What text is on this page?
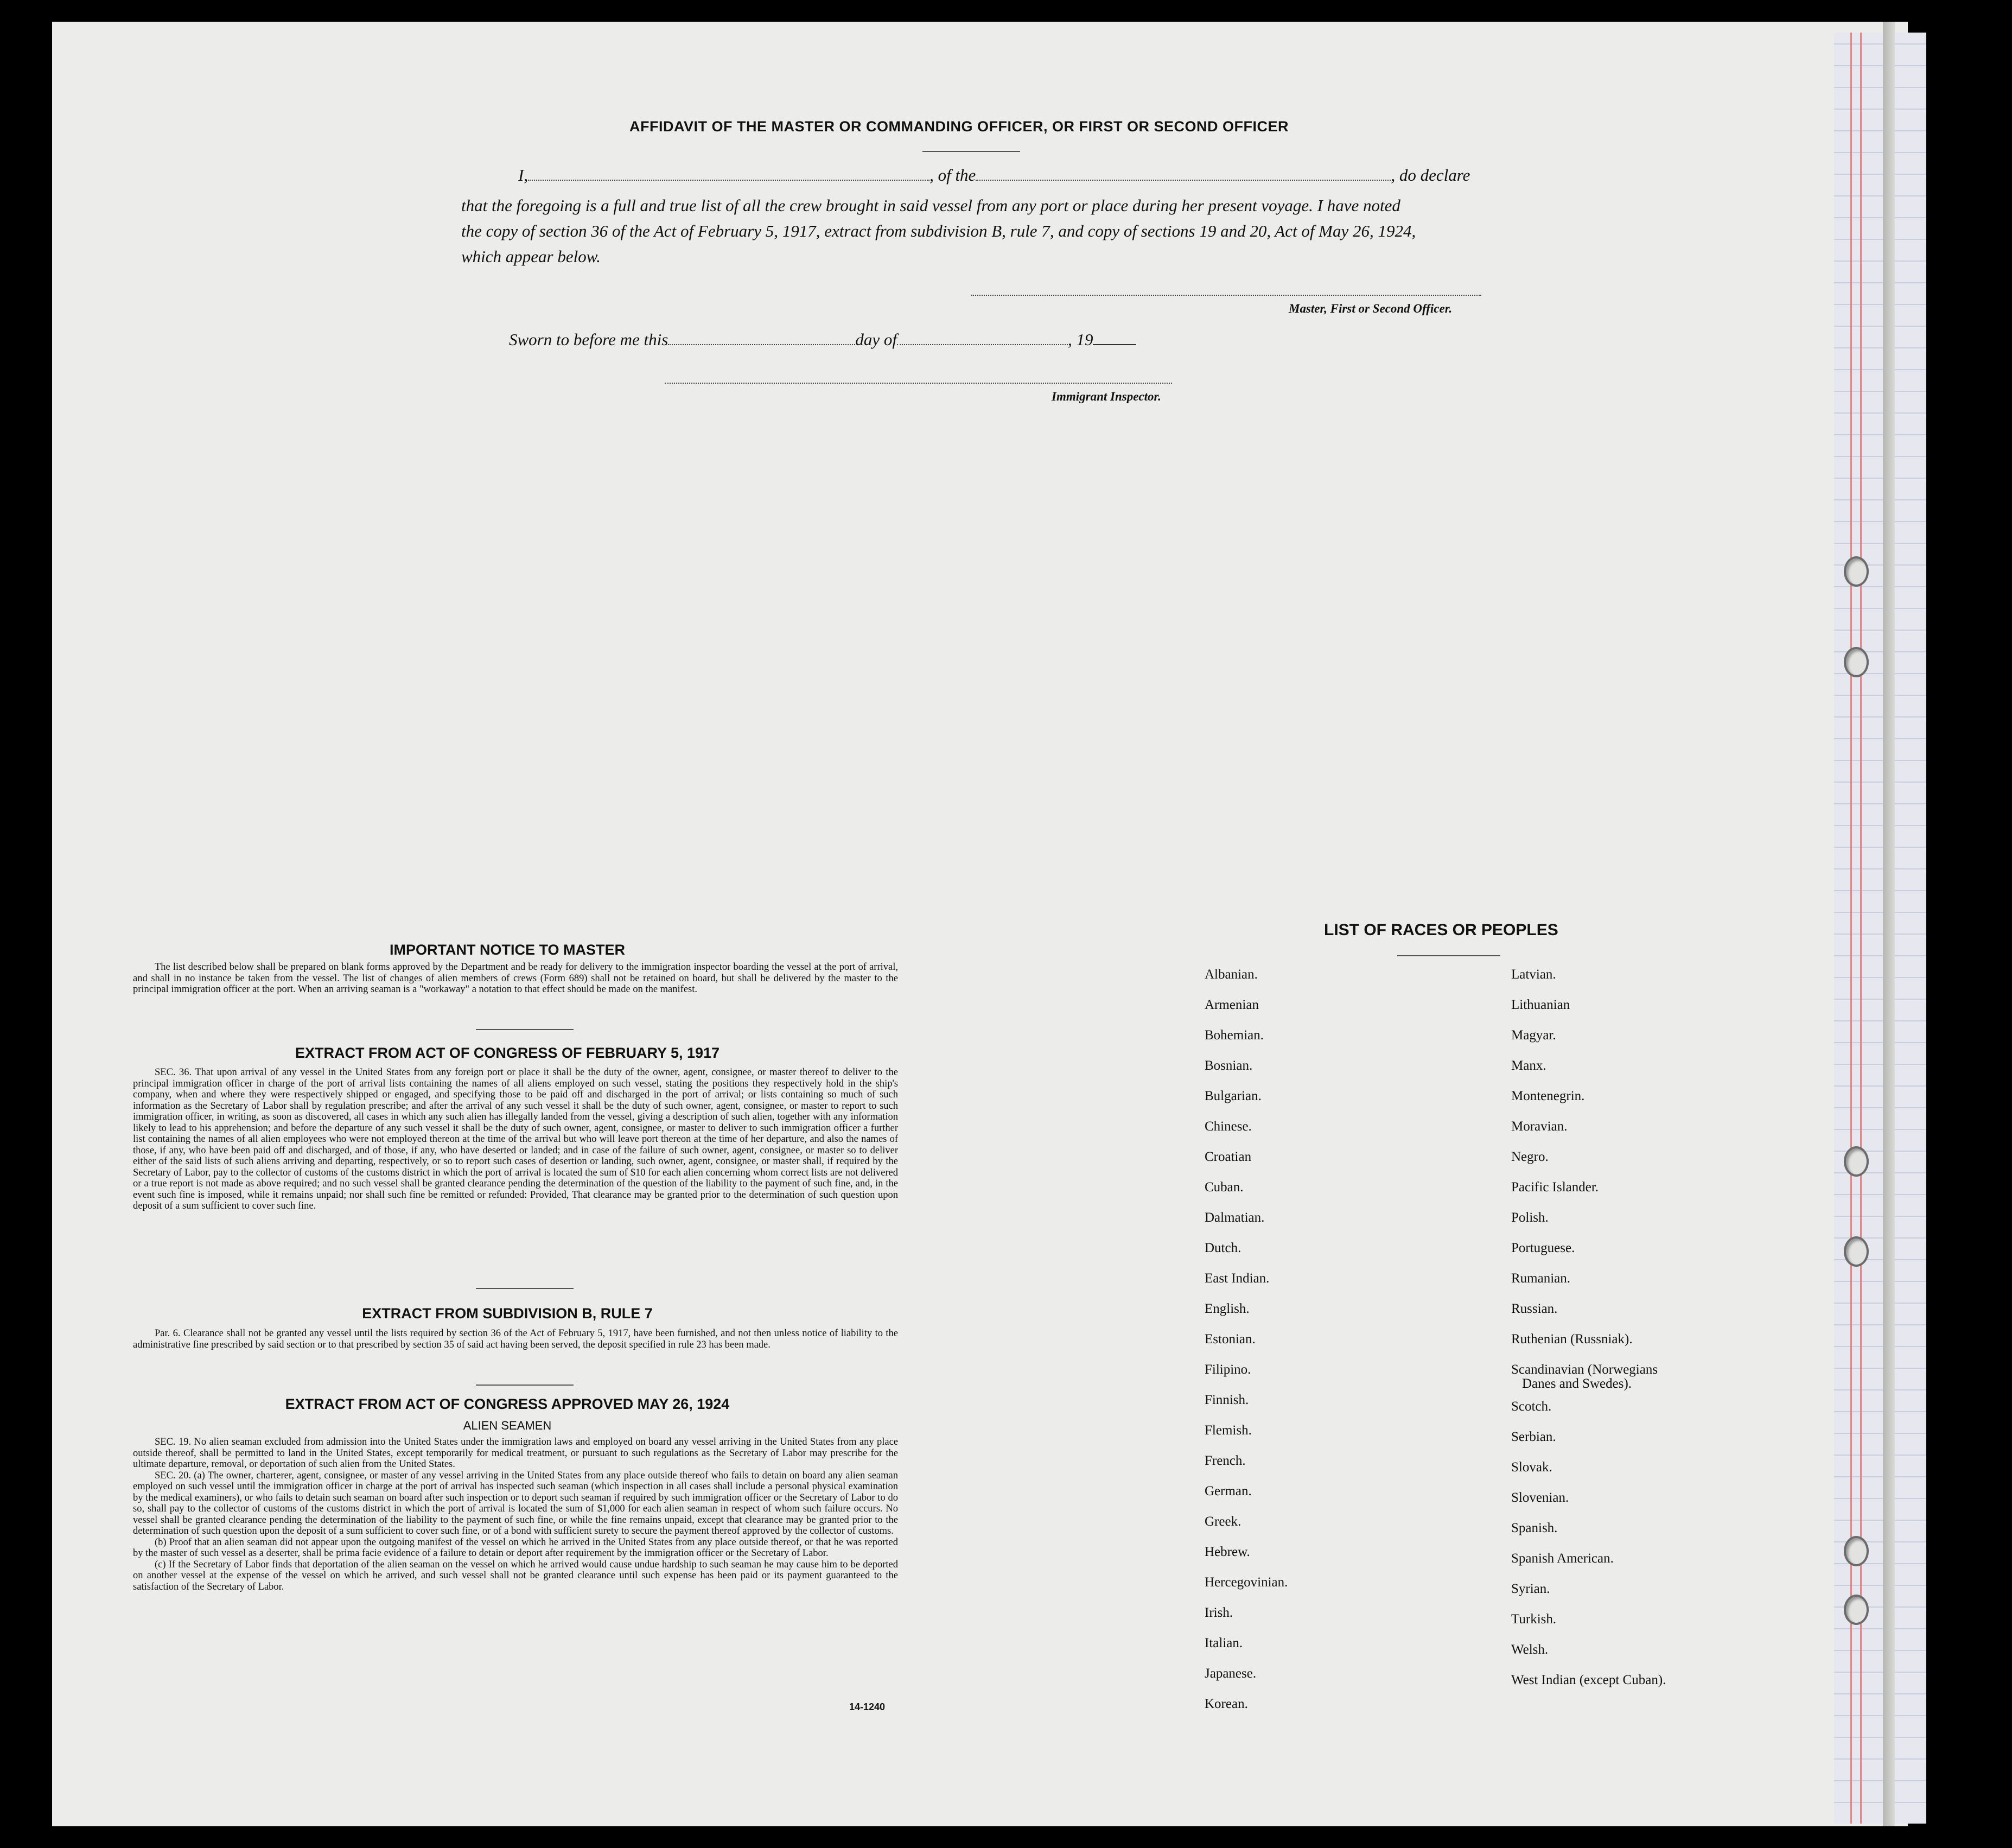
AFFIDAVIT OF THE MASTER OR COMMANDING OFFICER, OR FIRST OR SECOND OFFICER
I,	, of the	, do declare
that the foregoing is a full and true list of all the crew brought in said vessel from any port or place during her present voyage. I have noted
the copy of section 36 of the Act of February 5, 1917, extract from subdivision B, rule 7, and copy of sections 19 and 20, Act of May 26, 1924,
which appear below.
Master, First or Second Officer.
Sworn to before me this	day of	, 19
Immigrant Inspector.
IMPORTANT NOTICE TO MASTER

The list described below shall be prepared on blank forms approved by the Department and be ready for delivery to the immigration inspector boarding the vessel at the port of arrival, and shall in no instance be taken from the vessel. The list of changes of alien members of crews (Form 689) shall not be retained on board, but shall be delivered by the master to the principal immigration officer at the port. When an arriving seaman is a "workaway" a notation to that effect should be made on the manifest.

EXTRACT FROM ACT OF CONGRESS OF FEBRUARY 5, 1917

SEC. 36. That upon arrival of any vessel in the United States from any foreign port or place it shall be the duty of the owner, agent, consignee, or master thereof to deliver to the principal immigration officer in charge of the port of arrival lists containing the names of all aliens employed on such vessel, stating the positions they respectively hold in the ship's company, when and where they were respectively shipped or engaged, and specifying those to be paid off and discharged in the port of arrival; or lists containing so much of such information as the Secretary of Labor shall by regulation prescribe; and after the arrival of any such vessel it shall be the duty of such owner, agent, consignee, or master to report to such immigration officer, in writing, as soon as discovered, all cases in which any such alien has illegally landed from the vessel, giving a description of such alien, together with any information likely to lead to his apprehension; and before the departure of any such vessel it shall be the duty of such owner, agent, consignee, or master to deliver to such immigration officer a further list containing the names of all alien employees who were not employed thereon at the time of the arrival but who will leave port thereon at the time of her departure, and also the names of those, if any, who have been paid off and discharged, and of those, if any, who have deserted or landed; and in case of the failure of such owner, agent, consignee, or master so to deliver either of the said lists of such aliens arriving and departing, respectively, or so to report such cases of desertion or landing, such owner, agent, consignee, or master shall, if required by the Secretary of Labor, pay to the collector of customs of the customs district in which the port of arrival is located the sum of $10 for each alien concerning whom correct lists are not delivered or a true report is not made as above required; and no such vessel shall be granted clearance pending the determination of the question of the liability to the payment of such fine, and, in the event such fine is imposed, while it remains unpaid; nor shall such fine be remitted or refunded: Provided, That clearance may be granted prior to the determination of such question upon deposit of a sum sufficient to cover such fine.

EXTRACT FROM SUBDIVISION B, RULE 7

Par. 6. Clearance shall not be granted any vessel until the lists required by section 36 of the Act of February 5, 1917, have been furnished, and not then unless notice of liability to the administrative fine prescribed by said section or to that prescribed by section 35 of said act having been served, the deposit specified in rule 23 has been made.

EXTRACT FROM ACT OF CONGRESS APPROVED MAY 26, 1924
ALIEN SEAMEN

SEC. 19. No alien seaman excluded from admission into the United States under the immigration laws and employed on board any vessel arriving in the United States from any place outside thereof, shall be permitted to land in the United States, except temporarily for medical treatment, or pursuant to such regulations as the Secretary of Labor may prescribe for the ultimate departure, removal, or deportation of such alien from the United States.

SEC. 20. (a) The owner, charterer, agent, consignee, or master of any vessel arriving in the United States from any place outside thereof who fails to detain on board any alien seaman employed on such vessel until the immigration officer in charge at the port of arrival has inspected such seaman (which inspection in all cases shall include a personal physical examination by the medical examiners), or who fails to detain such seaman on board after such inspection or to deport such seaman if required by such immigration officer or the Secretary of Labor to do so, shall pay to the collector of customs of the customs district in which the port of arrival is located the sum of $1,000 for each alien seaman in respect of whom such failure occurs. No vessel shall be granted clearance pending the determination of the liability to the payment of such fine, or while the fine remains unpaid, except that clearance may be granted prior to the determination of such question upon the deposit of a sum sufficient to cover such fine, or of a bond with sufficient surety to secure the payment thereof approved by the collector of customs.

(b) Proof that an alien seaman did not appear upon the outgoing manifest of the vessel on which he arrived in the United States from any place outside thereof, or that he was reported by the master of such vessel as a deserter, shall be prima facie evidence of a failure to detain or deport after requirement by the immigration officer or the Secretary of Labor.

(c) If the Secretary of Labor finds that deportation of the alien seaman on the vessel on which he arrived would cause undue hardship to such seaman he may cause him to be deported on another vessel at the expense of the vessel on which he arrived, and such vessel shall not be granted clearance until such expense has been paid or its payment guaranteed to the satisfaction of the Secretary of Labor.

14-1240
LIST OF RACES OR PEOPLES
Albanian.
Armenian
Bohemian.
Bosnian.
Bulgarian.
Chinese.
Croatian
Cuban.
Dalmatian.
Dutch.
East Indian.
English.
Estonian.
Filipino.
Finnish.
Flemish.
French.
German.
Greek.
Hebrew.
Hercegovinian.
Irish.
Italian.
Japanese.
Korean.
Latvian.
Lithuanian
Magyar.
Manx.
Montenegrin.
Moravian.
Negro.
Pacific Islander.
Polish.
Portuguese.
Rumanian.
Russian.
Ruthenian (Russniak).
Scandinavian (Norwegians
Danes and Swedes).
Scotch.
Serbian.
Slovak.
Slovenian.
Spanish.
Spanish American.
Syrian.
Turkish.
Welsh.
West Indian (except Cuban).
